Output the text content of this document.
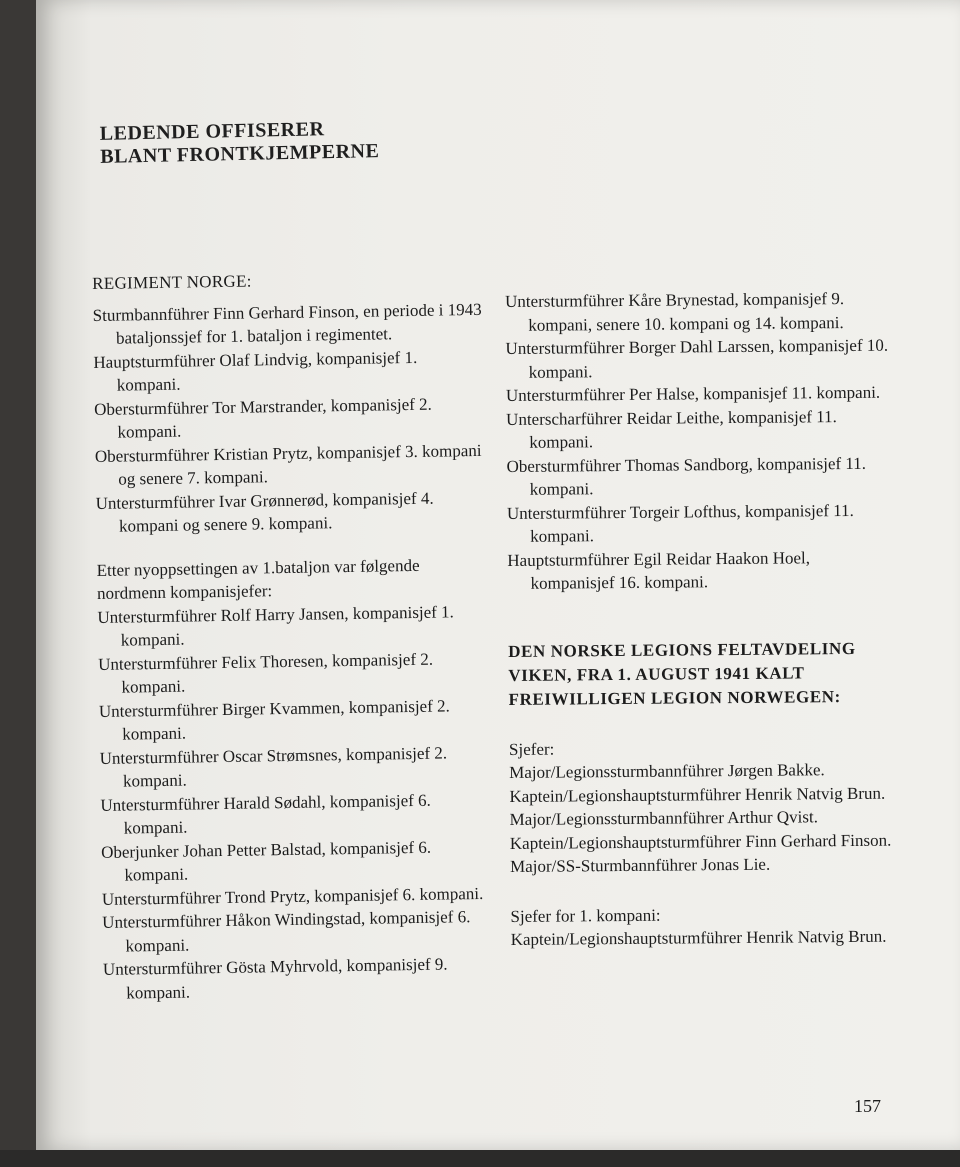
LEDENDE OFFISERER
BLANT FRONTKJEMPERNE
REGIMENT NORGE:
Sturmbannführer Finn Gerhard Finson, en periode i 1943 bataljonssjef for 1. bataljon i regimentet.
Hauptsturmführer Olaf Lindvig, kompanisjef 1. kompani.
Obersturmführer Tor Marstrander, kompanisjef 2. kompani.
Obersturmführer Kristian Prytz, kompanisjef 3. kompani og senere 7. kompani.
Untersturmführer Ivar Grønnerød, kompanisjef 4. kompani og senere 9. kompani.
Etter nyoppsettingen av 1.bataljon var følgende nordmenn kompanisjefer:
Untersturmführer Rolf Harry Jansen, kompanisjef 1. kompani.
Untersturmführer Felix Thoresen, kompanisjef 2. kompani.
Untersturmführer Birger Kvammen, kompanisjef 2. kompani.
Untersturmführer Oscar Strømsnes, kompanisjef 2. kompani.
Untersturmführer Harald Sødahl, kompanisjef 6. kompani.
Oberjunker Johan Petter Balstad, kompanisjef 6. kompani.
Untersturmführer Trond Prytz, kompanisjef 6. kompani.
Untersturmführer Håkon Windingstad, kompanisjef 6. kompani.
Untersturmführer Gösta Myhrvold, kompanisjef 9. kompani.
Untersturmführer Kåre Brynestad, kompanisjef 9. kompani, senere 10. kompani og 14. kompani.
Untersturmführer Borger Dahl Larssen, kompanisjef 10. kompani.
Untersturmführer Per Halse, kompanisjef 11. kompani.
Unterscharführer Reidar Leithe, kompanisjef 11. kompani.
Obersturmführer Thomas Sandborg, kompanisjef 11. kompani.
Untersturmführer Torgeir Lofthus, kompanisjef 11. kompani.
Hauptsturmführer Egil Reidar Haakon Hoel, kompanisjef 16. kompani.
DEN NORSKE LEGIONS FELTAVDELING VIKEN, FRA 1. AUGUST 1941 KALT FREIWILLIGEN LEGION NORWEGEN:
Sjefer:
Major/Legionssturmbannführer Jørgen Bakke.
Kaptein/Legionshauptsturmführer Henrik Natvig Brun.
Major/Legionssturmbannführer Arthur Qvist.
Kaptein/Legionshauptsturmführer Finn Gerhard Finson.
Major/SS-Sturmbannführer Jonas Lie.
Sjefer for 1. kompani:
Kaptein/Legionshauptsturmführer Henrik Natvig Brun.
157
